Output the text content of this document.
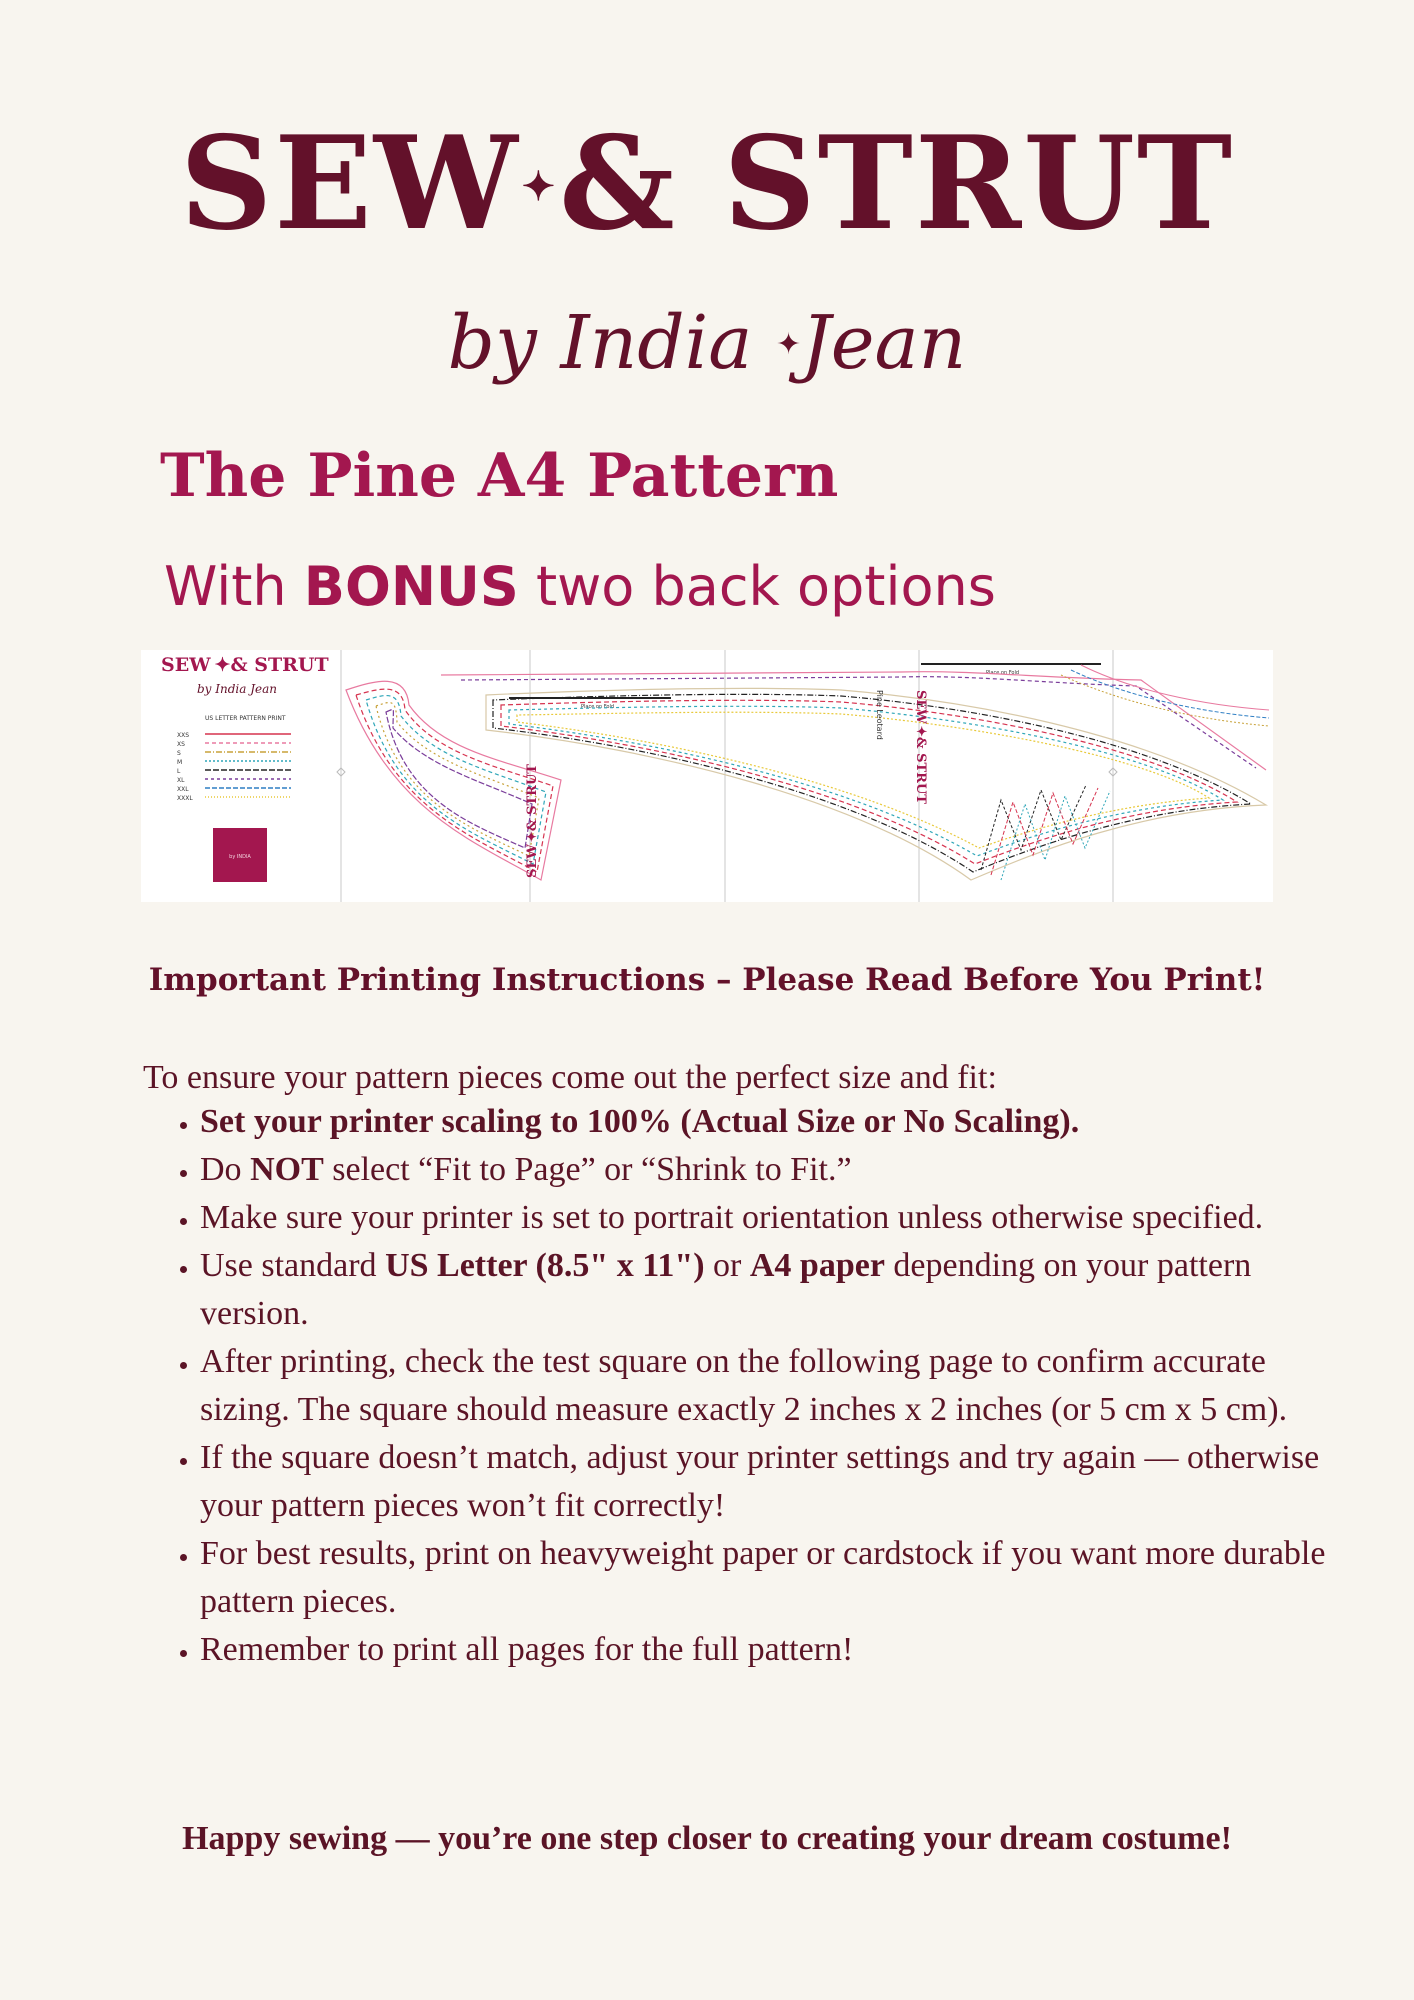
SEW✦& STRUT
by India ✦Jean
The Pine A4 Pattern
With BONUS two back options
SEW ✦& STRUT
by India Jean
US LETTER PATTERN PRINT
XXS
XS
S
M
L
XL
XXL
XXXL
by INDIA
Place on Fold
Place on Fold
SEW✦& STRUT
SEW✦& STRUT
Pine Leotard
Important Printing Instructions – Please Read Before You Print!
To ensure your pattern pieces come out the perfect size and fit:
• Set your printer scaling to 100% (Actual Size or No Scaling).
• Do NOT select “Fit to Page” or “Shrink to Fit.”
• Make sure your printer is set to portrait orientation unless otherwise specified.
• Use standard US Letter (8.5" x 11") or A4 paper depending on your pattern version.
• After printing, check the test square on the following page to confirm accurate sizing. The square should measure exactly 2 inches x 2 inches (or 5 cm x 5 cm).
• If the square doesn’t match, adjust your printer settings and try again — otherwise your pattern pieces won’t fit correctly!
• For best results, print on heavyweight paper or cardstock if you want more durable pattern pieces.
• Remember to print all pages for the full pattern!
Happy sewing — you’re one step closer to creating your dream costume!
